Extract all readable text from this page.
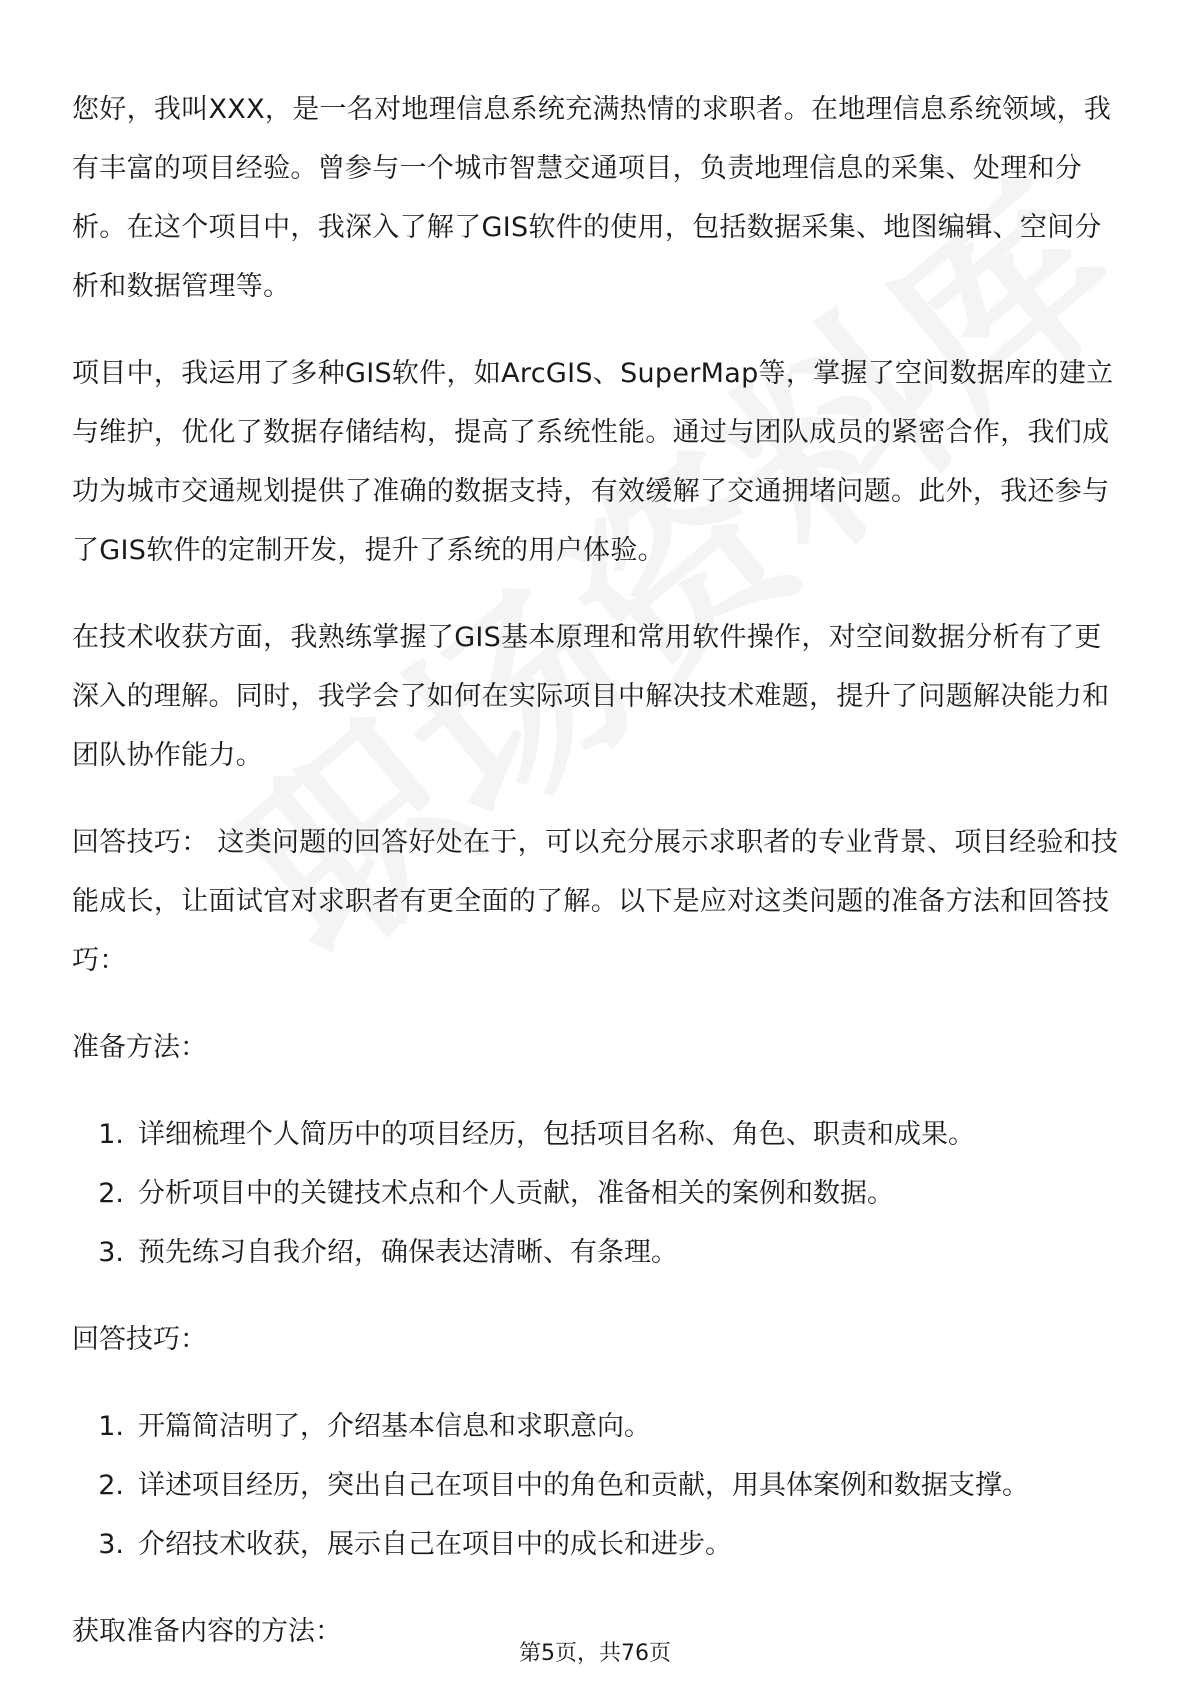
您好，我叫XXX，是一名对地理信息系统充满热情的求职者。在地理信息系统领域，我有丰富的项目经验。曾参与一个城市智慧交通项目，负责地理信息的采集、处理和分析。在这个项目中，我深入了解了GIS软件的使用，包括数据采集、地图编辑、空间分析和数据管理等。

项目中，我运用了多种GIS软件，如ArcGIS、SuperMap等，掌握了空间数据库的建立与维护，优化了数据存储结构，提高了系统性能。通过与团队成员的紧密合作，我们成功为城市交通规划提供了准确的数据支持，有效缓解了交通拥堵问题。此外，我还参与了GIS软件的定制开发，提升了系统的用户体验。

在技术收获方面，我熟练掌握了GIS基本原理和常用软件操作，对空间数据分析有了更深入的理解。同时，我学会了如何在实际项目中解决技术难题，提升了问题解决能力和团队协作能力。

回答技巧： 这类问题的回答好处在于，可以充分展示求职者的专业背景、项目经验和技能成长，让面试官对求职者有更全面的了解。以下是应对这类问题的准备方法和回答技巧：

准备方法：

1. 详细梳理个人简历中的项目经历，包括项目名称、角色、职责和成果。
2. 分析项目中的关键技术点和个人贡献，准备相关的案例和数据。
3. 预先练习自我介绍，确保表达清晰、有条理。

回答技巧：

1. 开篇简洁明了，介绍基本信息和求职意向。
2. 详述项目经历，突出自己在项目中的角色和贡献，用具体案例和数据支撑。
3. 介绍技术收获，展示自己在项目中的成长和进步。

获取准备内容的方法：

第5页，共76页
